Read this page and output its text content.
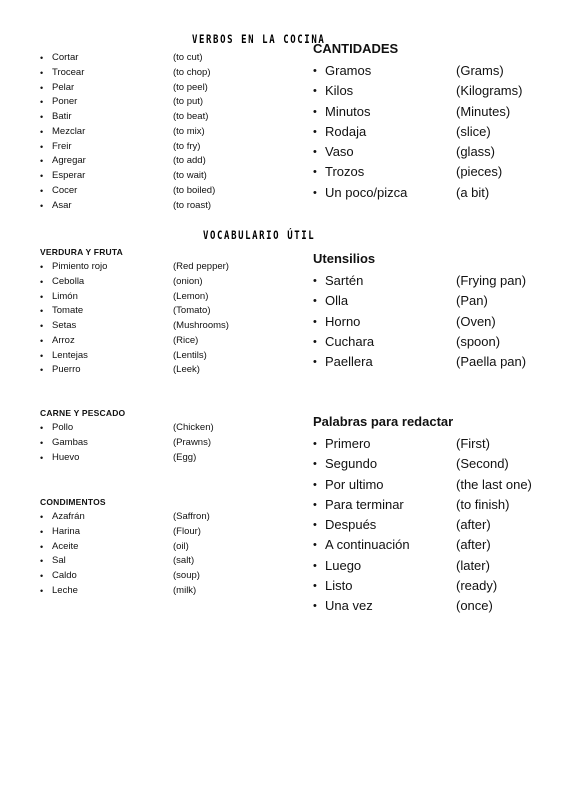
VERBOS EN LA COCINA
• Cortar	(to cut)
• Trocear	(to chop)
• Pelar	(to peel)
• Poner	(to put)
• Batir	(to beat)
• Mezclar	(to mix)
• Freir	(to fry)
• Agregar	(to add)
• Esperar	(to wait)
• Cocer	(to boiled)
• Asar	(to roast)
VOCABULARIO ÚTIL
VERDURA Y FRUTA
• Pimiento rojo	(Red pepper)
• Cebolla	(onion)
• Limón	(Lemon)
• Tomate	(Tomato)
• Setas	(Mushrooms)
• Arroz	(Rice)
• Lentejas	(Lentils)
• Puerro	(Leek)
CARNE Y PESCADO
• Pollo	(Chicken)
• Gambas	(Prawns)
• Huevo	(Egg)
CONDIMENTOS
• Azafrán	(Saffron)
• Harina	(Flour)
• Aceite	(oil)
• Sal	(salt)
• Caldo	(soup)
• Leche	(milk)
CANTIDADES
• Gramos	(Grams)
• Kilos	(Kilograms)
• Minutos	(Minutes)
• Rodaja	(slice)
• Vaso	(glass)
• Trozos	(pieces)
• Un poco/pizca	(a bit)
Utensilios
• Sartén	(Frying pan)
• Olla	(Pan)
• Horno	(Oven)
• Cuchara	(spoon)
• Paellera	(Paella pan)
Palabras para redactar
• Primero	(First)
• Segundo	(Second)
• Por ultimo	(the last one)
• Para terminar	(to finish)
• Después	(after)
• A continuación	(after)
• Luego	(later)
• Listo	(ready)
• Una vez	(once)
